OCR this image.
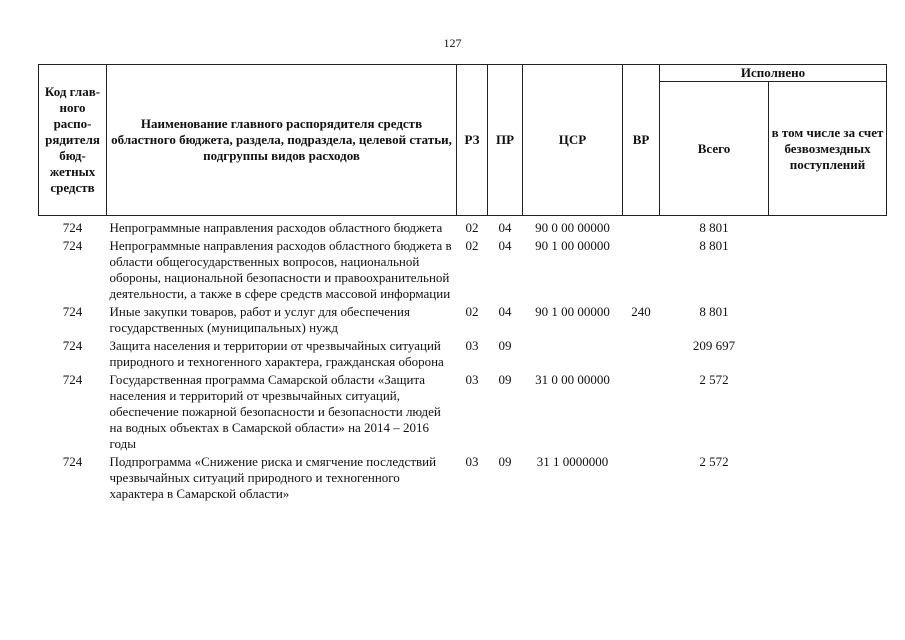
127
Код главного распорядителя бюджетных средств	Наименование главного распорядителя средств областного бюджета, раздела, подраздела, целевой статьи, подгруппы видов расходов	РЗ	ПР	ЦСР	ВР	Исполнено	
						Всего	в том числе за счет безвозмездных поступлений

724	Непрограммные направления расходов областного бюджета	02	04	90 0 00 00000		8 801	
724	Непрограммные направления расходов областного бюджета в области общегосударственных вопросов, национальной обороны, национальной безопасности и правоохранительной деятельности, а также в сфере средств массовой информации	02	04	90 1 00 00000		8 801	
724	Иные закупки товаров, работ и услуг для обеспечения государственных (муниципальных) нужд	02	04	90 1 00 00000	240	8 801	
724	Защита населения и территории от чрезвычайных ситуаций природного и техногенного характера, гражданская оборона	03	09			209 697	
724	Государственная программа Самарской области «Защита населения и территорий от чрезвычайных ситуаций, обеспечение пожарной безопасности и безопасности людей на водных объектах в Самарской области» на 2014 – 2016 годы	03	09	31 0 00 00000		2 572	
724	Подпрограмма «Снижение риска и смягчение последствий чрезвычайных ситуаций природного и техногенного характера в Самарской области»	03	09	31 1 0000000		2 572	
